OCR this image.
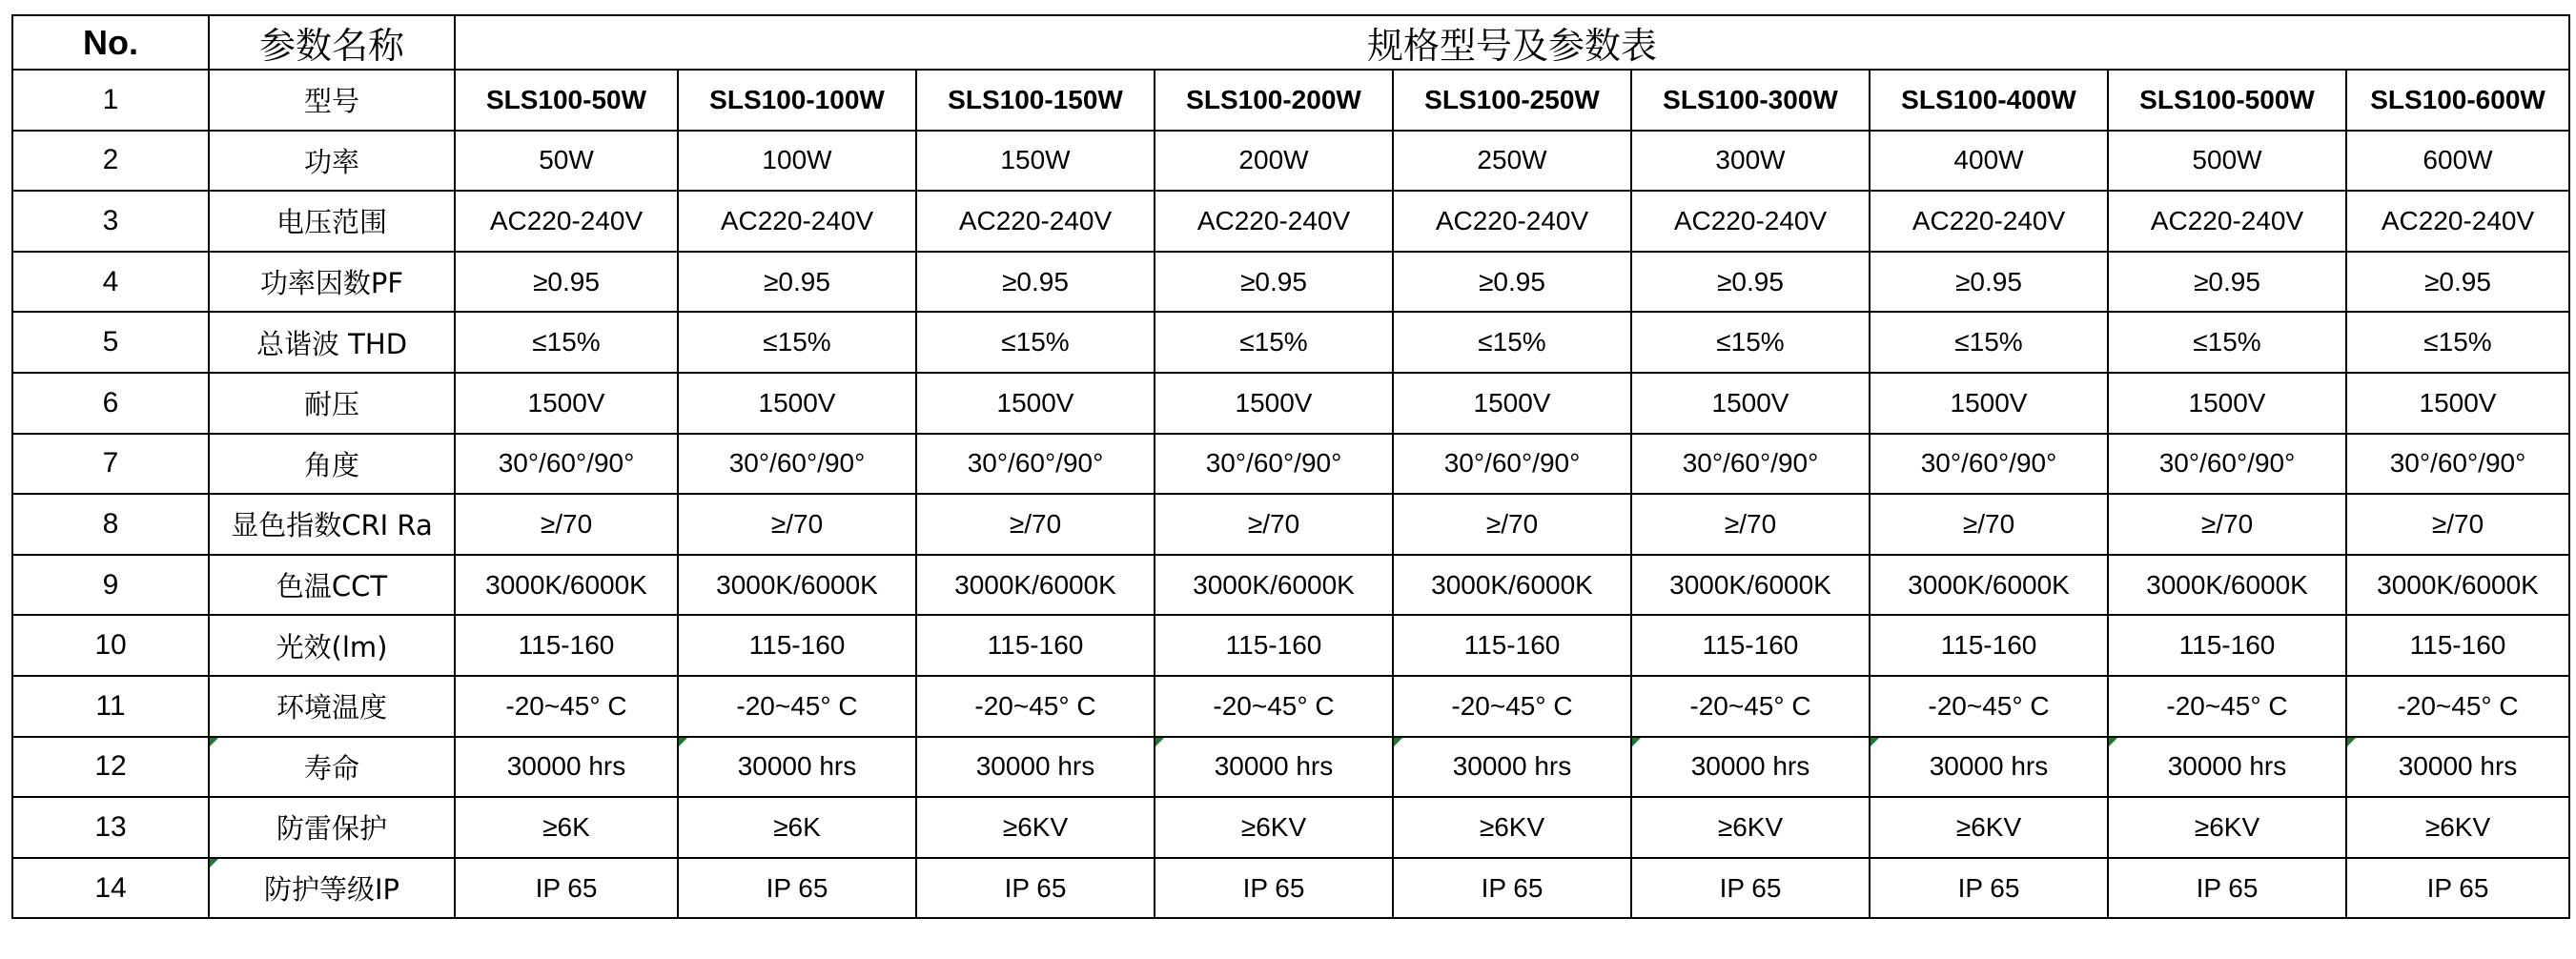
No.	参数名称	规格型号及参数表								
1	型号	SLS100-50W	SLS100-100W	SLS100-150W	SLS100-200W	SLS100-250W	SLS100-300W	SLS100-400W	SLS100-500W	SLS100-600W
2	功率	50W	100W	150W	200W	250W	300W	400W	500W	600W
3	电压范围	AC220-240V	AC220-240V	AC220-240V	AC220-240V	AC220-240V	AC220-240V	AC220-240V	AC220-240V	AC220-240V
4	功率因数PF	≥0.95	≥0.95	≥0.95	≥0.95	≥0.95	≥0.95	≥0.95	≥0.95	≥0.95
5	总谐波 THD	≤15%	≤15%	≤15%	≤15%	≤15%	≤15%	≤15%	≤15%	≤15%
6	耐压	1500V	1500V	1500V	1500V	1500V	1500V	1500V	1500V	1500V
7	角度	30°/60°/90°	30°/60°/90°	30°/60°/90°	30°/60°/90°	30°/60°/90°	30°/60°/90°	30°/60°/90°	30°/60°/90°	30°/60°/90°
8	显色指数CRI Ra	≥/70	≥/70	≥/70	≥/70	≥/70	≥/70	≥/70	≥/70	≥/70
9	色温CCT	3000K/6000K	3000K/6000K	3000K/6000K	3000K/6000K	3000K/6000K	3000K/6000K	3000K/6000K	3000K/6000K	3000K/6000K
10	光效(lm)	115-160	115-160	115-160	115-160	115-160	115-160	115-160	115-160	115-160
11	环境温度	-20~45° C	-20~45° C	-20~45° C	-20~45° C	-20~45° C	-20~45° C	-20~45° C	-20~45° C	-20~45° C
12	寿命	30000 hrs	30000 hrs	30000 hrs	30000 hrs	30000 hrs	30000 hrs	30000 hrs	30000 hrs	30000 hrs
13	防雷保护	≥6K	≥6K	≥6KV	≥6KV	≥6KV	≥6KV	≥6KV	≥6KV	≥6KV
14	防护等级IP	IP 65	IP 65	IP 65	IP 65	IP 65	IP 65	IP 65	IP 65	IP 65
